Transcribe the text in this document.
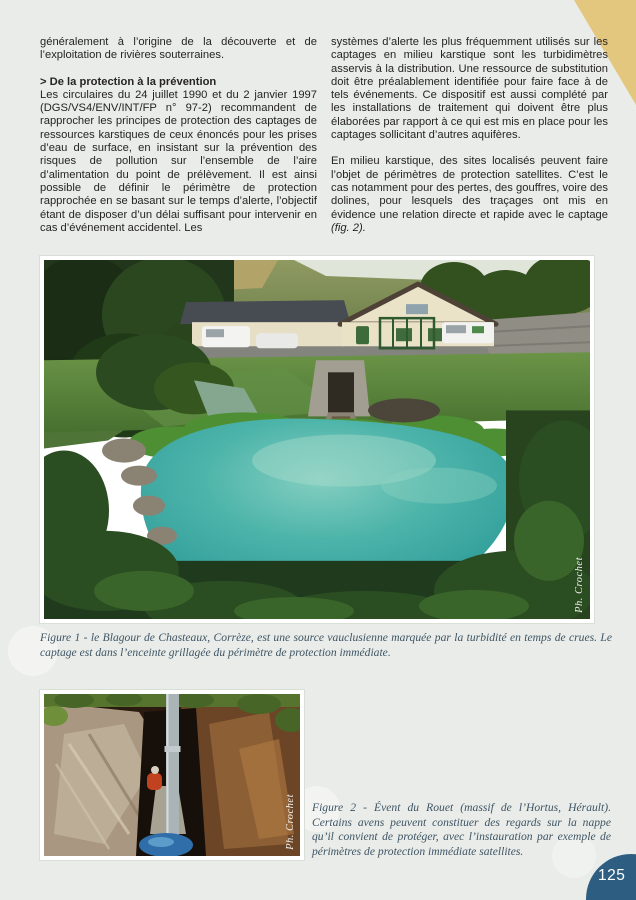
généralement à l’origine de la découverte et de l’exploitation de rivières souterraines.

> De la protection à la prévention

Les circulaires du 24 juillet 1990 et du 2 janvier 1997 (DGS/VS4/ENV/INT/FP n° 97-2) recommandent de rapprocher les principes de protection des captages de ressources karstiques de ceux énoncés pour les prises d’eau de surface, en insistant sur la prévention des risques de pollution sur l’ensemble de l’aire d’alimentation du point de prélèvement. Il est ainsi possible de définir le périmètre de protection rapprochée en se basant sur le temps d’alerte, l’objectif étant de disposer d’un délai suffisant pour intervenir en cas d’événement accidentel. Les

systèmes d’alerte les plus fréquemment utilisés sur les captages en milieu karstique sont les turbidimètres asservis à la distribution. Une ressource de substitution doit être préalablement identifiée pour faire face à de tels événements. Ce dispositif est aussi complété par les installations de traitement qui doivent être plus élaborées par rapport à ce qui est mis en place pour les captages sollicitant d’autres aquifères.

En milieu karstique, des sites localisés peuvent faire l’objet de périmètres de protection satellites. C’est le cas notamment pour des pertes, des gouffres, voire des dolines, pour lesquels des traçages ont mis en évidence une relation directe et rapide avec le captage (fig. 2).

Ph. Crochet

Figure 1 - le Blagour de Chasteaux, Corrèze, est une source vauclusienne marquée par la turbidité en temps de crues. Le captage est dans l’enceinte grillagée du périmètre de protection immédiate.

Ph. Crochet Figure 2 - Évent du Rouet (massif de l’Hortus, Hérault). Certains avens peuvent constituer des regards sur la nappe qu’il convient de protéger, avec l’instauration par exemple de périmètres de protection immédiate satellites.

125
